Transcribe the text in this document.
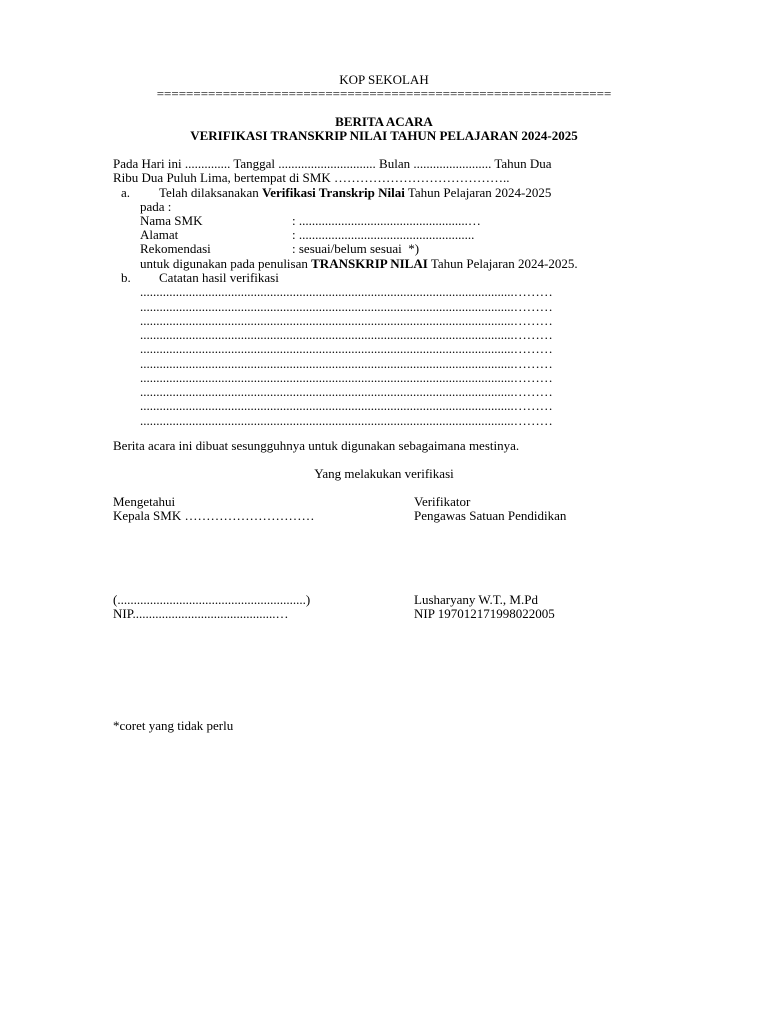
KOP SEKOLAH
==============================================================
BERITA ACARA
VERIFIKASI TRANSKRIP NILAI TAHUN PELAJARAN 2024-2025
Pada Hari ini .............. Tanggal .............................. Bulan ........................ Tahun Dua
Ribu Dua Puluh Lima, bertempat di SMK …………………………………..
a. Telah dilaksanakan Verifikasi Transkrip Nilai Tahun Pelajaran 2024-2025
pada :
Nama SMK	: ....................................................…
Alamat	: ......................................................
Rekomendasi	: sesuai/belum sesuai  *)
untuk digunakan pada penulisan TRANSKRIP NILAI Tahun Pelajaran 2024-2025.
b. Catatan hasil verifikasi
...................................................................................................................………
...................................................................................................................………
...................................................................................................................………
...................................................................................................................………
...................................................................................................................………
...................................................................................................................………
...................................................................................................................………
...................................................................................................................………
...................................................................................................................………
...................................................................................................................………
Berita acara ini dibuat sesungguhnya untuk digunakan sebagaimana mestinya.
Yang melakukan verifikasi
Mengetahui
Kepala SMK …………………………
Verifikator
Pengawas Satuan Pendidikan
(..........................................................)
NIP............................................…
Lusharyany W.T., M.Pd
NIP 197012171998022005
*coret yang tidak perlu
